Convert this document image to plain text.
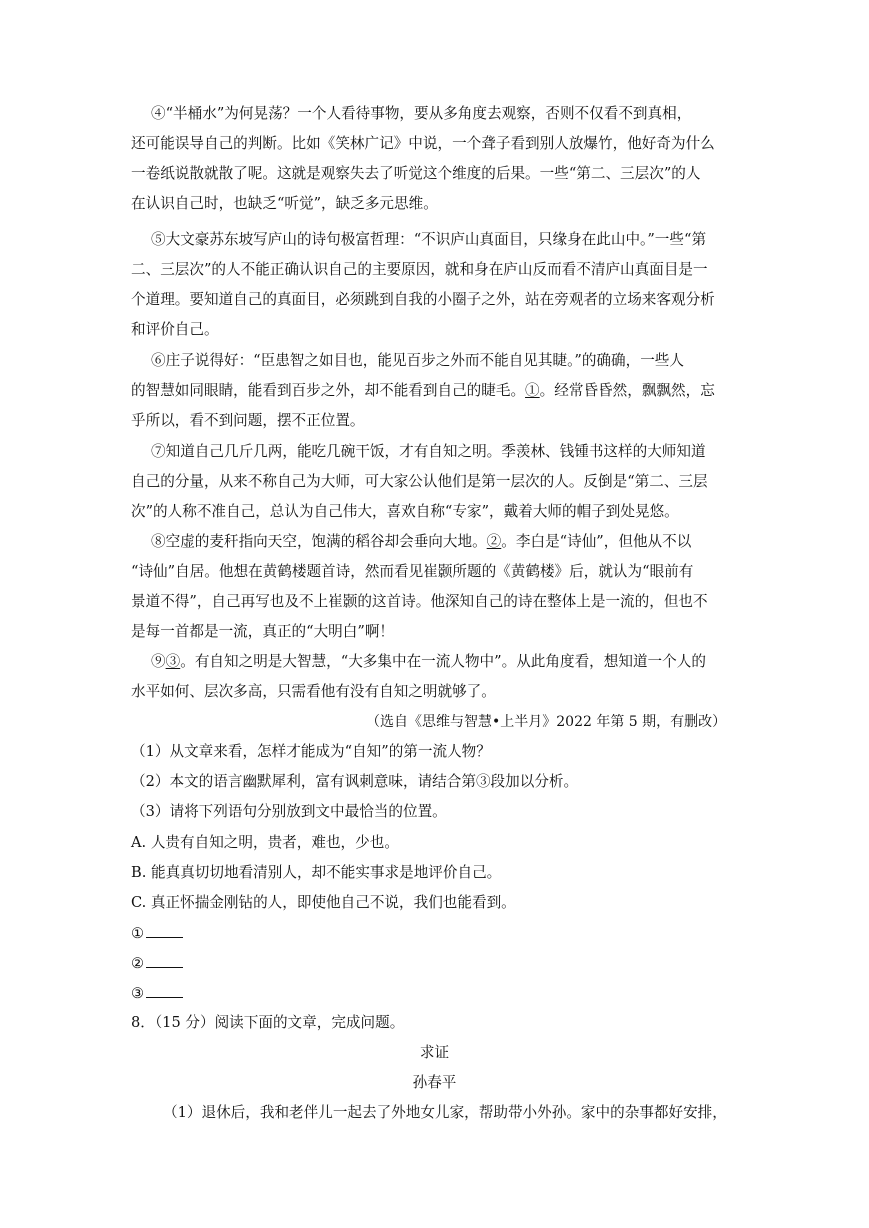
④“半桶水”为何晃荡？一个人看待事物，要从多角度去观察，否则不仅看不到真相，
还可能误导自己的判断。比如《笑林广记》中说，一个聋子看到别人放爆竹，他好奇为什么
一卷纸说散就散了呢。这就是观察失去了听觉这个维度的后果。一些“第二、三层次”的人
在认识自己时，也缺乏“听觉”，缺乏多元思维。
⑤大文豪苏东坡写庐山的诗句极富哲理：“不识庐山真面目，只缘身在此山中。”一些“第
二、三层次”的人不能正确认识自己的主要原因，就和身在庐山反而看不清庐山真面目是一
个道理。要知道自己的真面目，必须跳到自我的小圈子之外，站在旁观者的立场来客观分析
和评价自己。
⑥庄子说得好：“臣患智之如目也，能见百步之外而不能自见其睫。”的确确，一些人
的智慧如同眼睛，能看到百步之外，却不能看到自己的睫毛。①。经常昏昏然，飘飘然，忘
乎所以，看不到问题，摆不正位置。
⑦知道自己几斤几两，能吃几碗干饭，才有自知之明。季羡林、钱锺书这样的大师知道
自己的分量，从来不称自己为大师，可大家公认他们是第一层次的人。反倒是“第二、三层
次”的人称不准自己，总认为自己伟大，喜欢自称“专家”，戴着大师的帽子到处晃悠。
⑧空虚的麦秆指向天空，饱满的稻谷却会垂向大地。②。李白是“诗仙”，但他从不以
“诗仙”自居。他想在黄鹤楼题首诗，然而看见崔颢所题的《黄鹤楼》后，就认为“眼前有
景道不得”，自己再写也及不上崔颢的这首诗。他深知自己的诗在整体上是一流的，但也不
是每一首都是一流，真正的“大明白”啊！
⑨③。有自知之明是大智慧，“大多集中在一流人物中”。从此角度看，想知道一个人的
水平如何、层次多高，只需看他有没有自知之明就够了。
（选自《思维与智慧•上半月》2022 年第 5 期，有删改）
（1）从文章来看，怎样才能成为“自知”的第一流人物？
（2）本文的语言幽默犀利，富有讽刺意味，请结合第③段加以分析。
（3）请将下列语句分别放到文中最恰当的位置。
A. 人贵有自知之明，贵者，难也，少也。
B. 能真真切切地看清别人，却不能实事求是地评价自己。
C. 真正怀揣金刚钻的人，即使他自己不说，我们也能看到。
①
②
③
8．（15 分）阅读下面的文章，完成问题。
求证
孙春平
（1）退休后，我和老伴儿一起去了外地女儿家，帮助带小外孙。家中的杂事都好安排，
